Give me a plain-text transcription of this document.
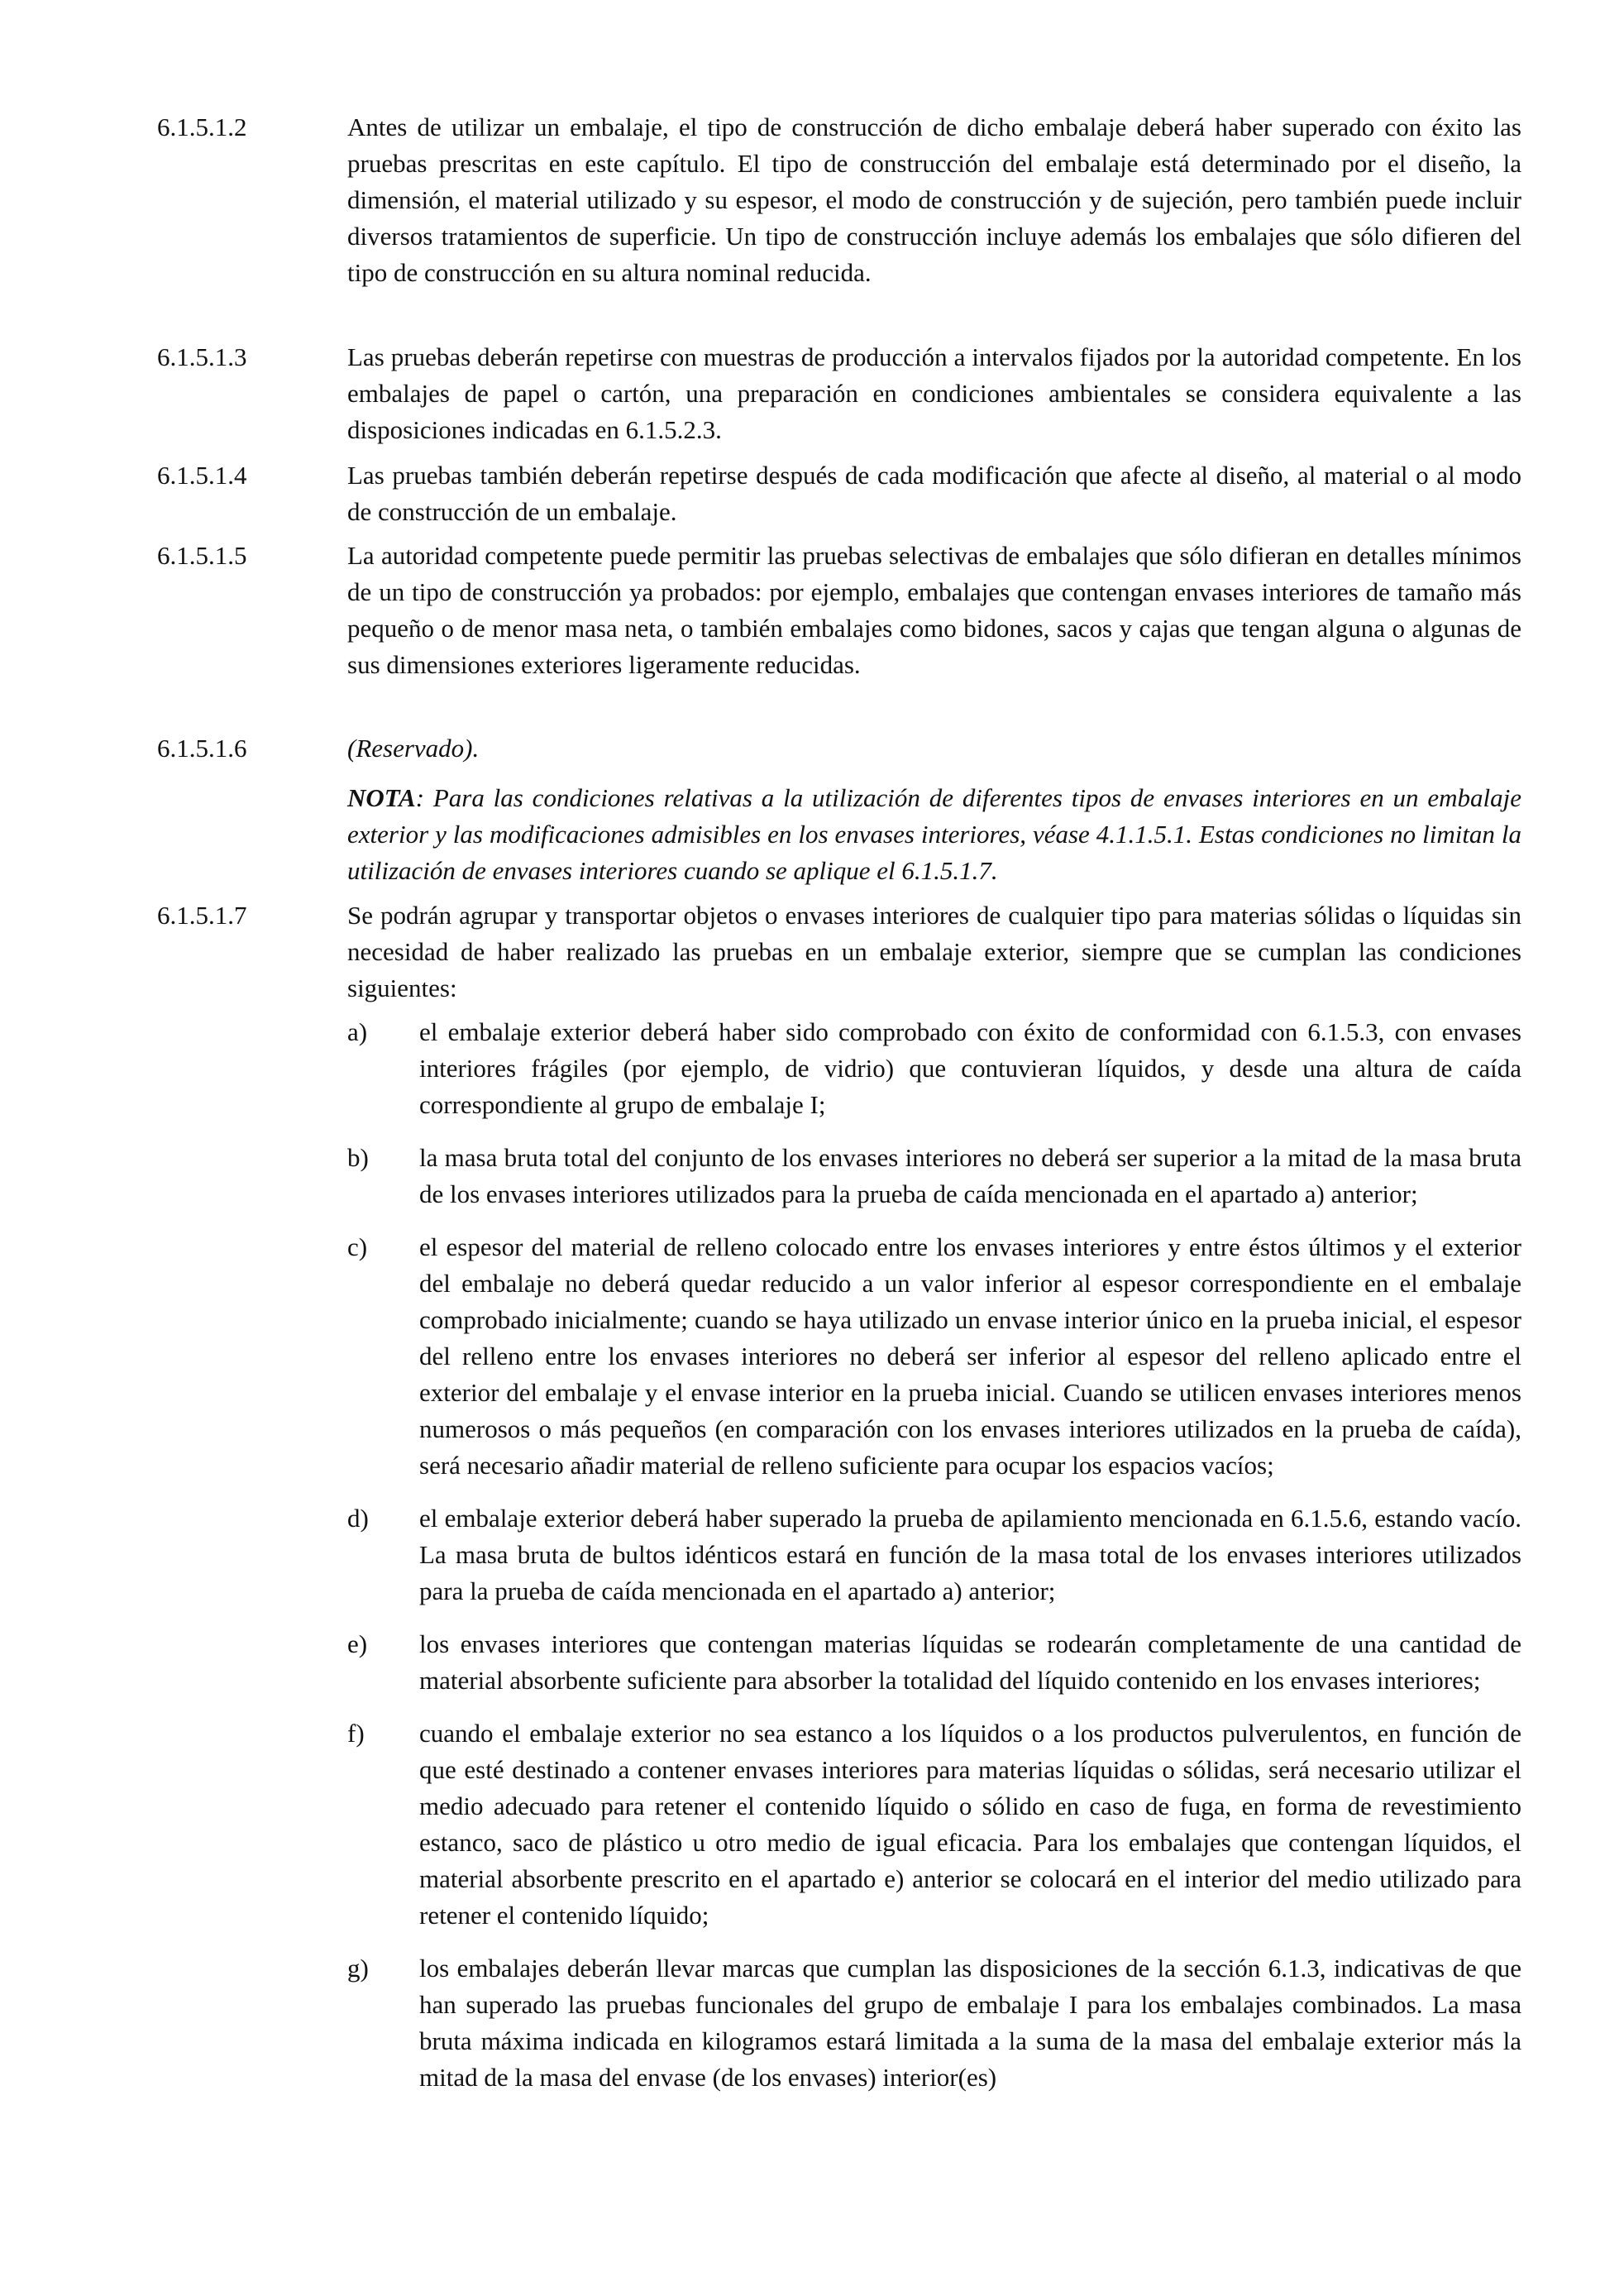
6.1.5.1.2	Antes de utilizar un embalaje, el tipo de construcción de dicho embalaje deberá haber superado con éxito las pruebas prescritas en este capítulo. El tipo de construcción del embalaje está determinado por el diseño, la dimensión, el material utilizado y su espesor, el modo de construcción y de sujeción, pero también puede incluir diversos tratamientos de superficie. Un tipo de construcción incluye además los embalajes que sólo difieren del tipo de construcción en su altura nominal reducida.
6.1.5.1.3	Las pruebas deberán repetirse con muestras de producción a intervalos fijados por la autoridad competente. En los embalajes de papel o cartón, una preparación en condiciones ambientales se considera equivalente a las disposiciones indicadas en 6.1.5.2.3.
6.1.5.1.4	Las pruebas también deberán repetirse después de cada modificación que afecte al diseño, al material o al modo de construcción de un embalaje.
6.1.5.1.5	La autoridad competente puede permitir las pruebas selectivas de embalajes que sólo difieran en detalles mínimos de un tipo de construcción ya probados: por ejemplo, embalajes que contengan envases interiores de tamaño más pequeño o de menor masa neta, o también embalajes como bidones, sacos y cajas que tengan alguna o algunas de sus dimensiones exteriores ligeramente reducidas.
6.1.5.1.6	(Reservado).
NOTA: Para las condiciones relativas a la utilización de diferentes tipos de envases interiores en un embalaje exterior y las modificaciones admisibles en los envases interiores, véase 4.1.1.5.1. Estas condiciones no limitan la utilización de envases interiores cuando se aplique el 6.1.5.1.7.
6.1.5.1.7	Se podrán agrupar y transportar objetos o envases interiores de cualquier tipo para materias sólidas o líquidas sin necesidad de haber realizado las pruebas en un embalaje exterior, siempre que se cumplan las condiciones siguientes:
a) el embalaje exterior deberá haber sido comprobado con éxito de conformidad con 6.1.5.3, con envases interiores frágiles (por ejemplo, de vidrio) que contuvieran líquidos, y desde una altura de caída correspondiente al grupo de embalaje I;
b) la masa bruta total del conjunto de los envases interiores no deberá ser superior a la mitad de la masa bruta de los envases interiores utilizados para la prueba de caída mencionada en el apartado a) anterior;
c) el espesor del material de relleno colocado entre los envases interiores y entre éstos últimos y el exterior del embalaje no deberá quedar reducido a un valor inferior al espesor correspondiente en el embalaje comprobado inicialmente; cuando se haya utilizado un envase interior único en la prueba inicial, el espesor del relleno entre los envases interiores no deberá ser inferior al espesor del relleno aplicado entre el exterior del embalaje y el envase interior en la prueba inicial. Cuando se utilicen envases interiores menos numerosos o más pequeños (en comparación con los envases interiores utilizados en la prueba de caída), será necesario añadir material de relleno suficiente para ocupar los espacios vacíos;
d) el embalaje exterior deberá haber superado la prueba de apilamiento mencionada en 6.1.5.6, estando vacío. La masa bruta de bultos idénticos estará en función de la masa total de los envases interiores utilizados para la prueba de caída mencionada en el apartado a) anterior;
e) los envases interiores que contengan materias líquidas se rodearán completamente de una cantidad de material absorbente suficiente para absorber la totalidad del líquido contenido en los envases interiores;
f) cuando el embalaje exterior no sea estanco a los líquidos o a los productos pulverulentos, en función de que esté destinado a contener envases interiores para materias líquidas o sólidas, será necesario utilizar el medio adecuado para retener el contenido líquido o sólido en caso de fuga, en forma de revestimiento estanco, saco de plástico u otro medio de igual eficacia. Para los embalajes que contengan líquidos, el material absorbente prescrito en el apartado e) anterior se colocará en el interior del medio utilizado para retener el contenido líquido;
g) los embalajes deberán llevar marcas que cumplan las disposiciones de la sección 6.1.3, indicativas de que han superado las pruebas funcionales del grupo de embalaje I para los embalajes combinados. La masa bruta máxima indicada en kilogramos estará limitada a la suma de la masa del embalaje exterior más la mitad de la masa del envase (de los envases) interior(es)
